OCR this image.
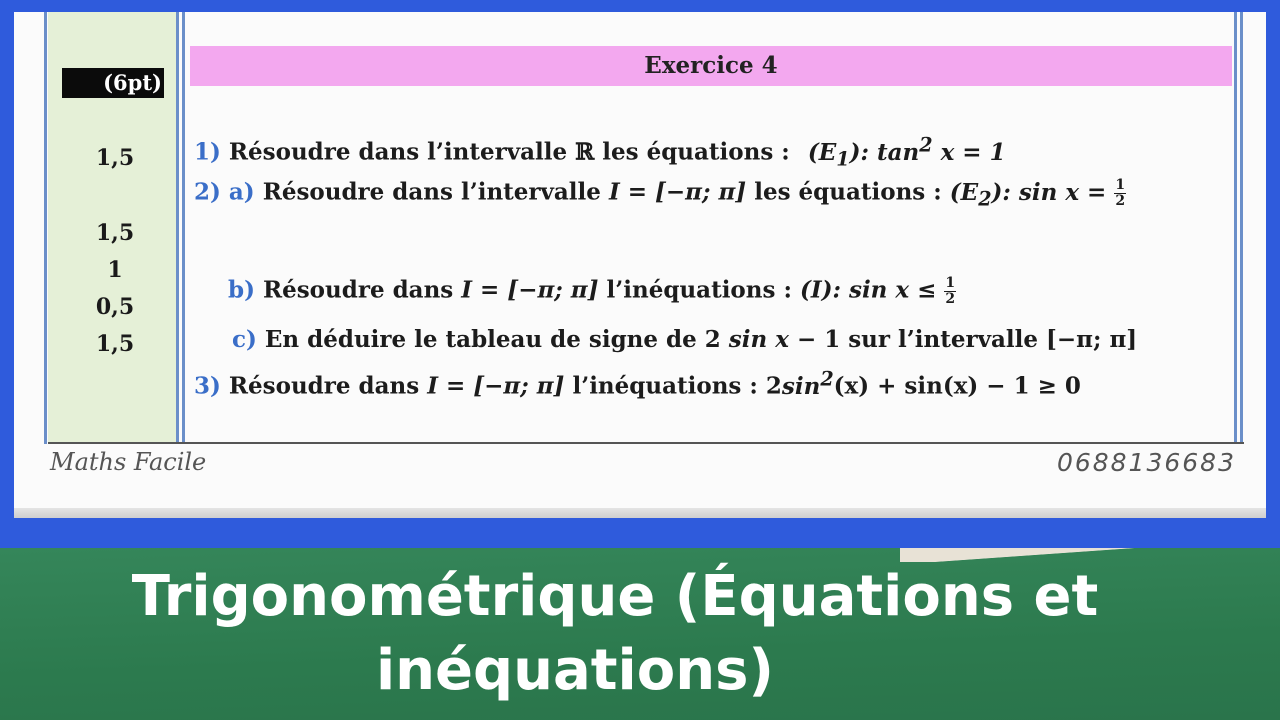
(6pt)
1,5
1,5
1
0,5
1,5
Exercice 4
1) Résoudre dans l’intervalle ℝ les équations : $(E_1)$: $\tan^2 x = 1$
2) a) Résoudre dans l’intervalle I = [−π; π] les équations : $(E_2)$: $\sin x = \frac{1}{2}$
b) Résoudre dans I = [−π; π] l’inéquations : (I): $\sin x \le \frac{1}{2}$
c) En déduire le tableau de signe de 2 sin x − 1 sur l’intervalle [−π; π]
3) Résoudre dans I = [−π; π] l’inéquations : $2\sin^2(x) + \sin(x) - 1 \ge 0$
Maths Facile	0688136683
Trigonométrique (Équations et
inéquations)
